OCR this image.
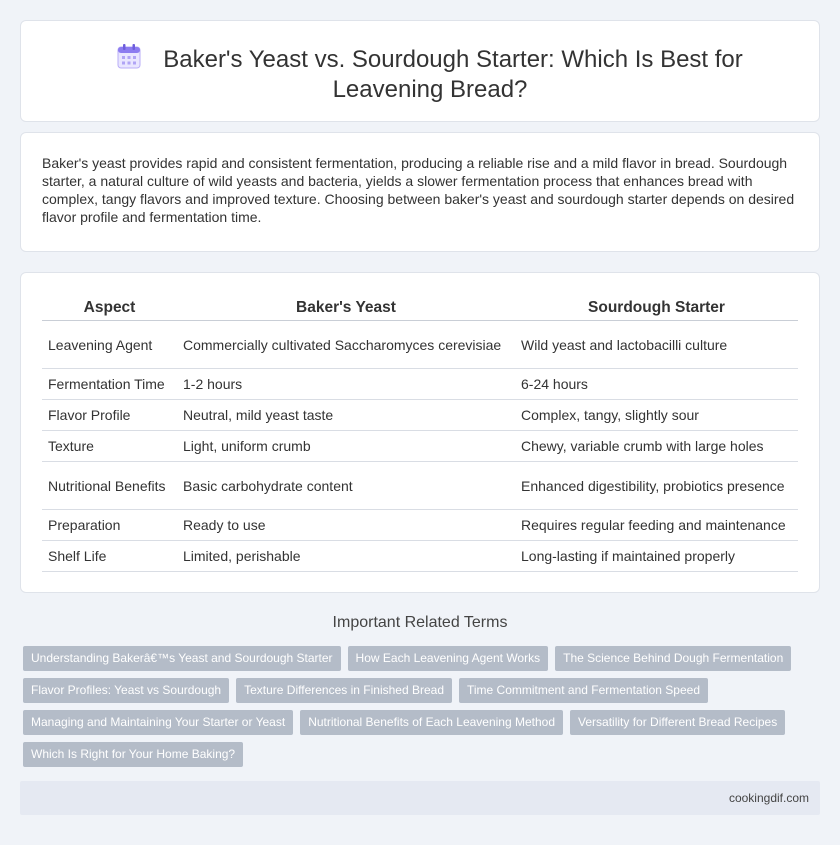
Baker's Yeast vs. Sourdough Starter: Which Is Best for Leavening Bread?

Baker's yeast provides rapid and consistent fermentation, producing a reliable rise and a mild flavor in bread. Sourdough starter, a natural culture of wild yeasts and bacteria, yields a slower fermentation process that enhances bread with complex, tangy flavors and improved texture. Choosing between baker's yeast and sourdough starter depends on desired flavor profile and fermentation time.

Aspect	Baker's Yeast	Sourdough Starter
Leavening Agent	Commercially cultivated Saccharomyces cerevisiae	Wild yeast and lactobacilli culture
Fermentation Time	1-2 hours	6-24 hours
Flavor Profile	Neutral, mild yeast taste	Complex, tangy, slightly sour
Texture	Light, uniform crumb	Chewy, variable crumb with large holes
Nutritional Benefits	Basic carbohydrate content	Enhanced digestibility, probiotics presence
Preparation	Ready to use	Requires regular feeding and maintenance
Shelf Life	Limited, perishable	Long-lasting if maintained properly
Important Related Terms
Understanding Bakerâ€™s Yeast and Sourdough Starter	How Each Leavening Agent Works	The Science Behind Dough Fermentation
Flavor Profiles: Yeast vs Sourdough	Texture Differences in Finished Bread	Time Commitment and Fermentation Speed
Managing and Maintaining Your Starter or Yeast	Nutritional Benefits of Each Leavening Method	Versatility for Different Bread Recipes
Which Is Right for Your Home Baking?
cookingdif.com
